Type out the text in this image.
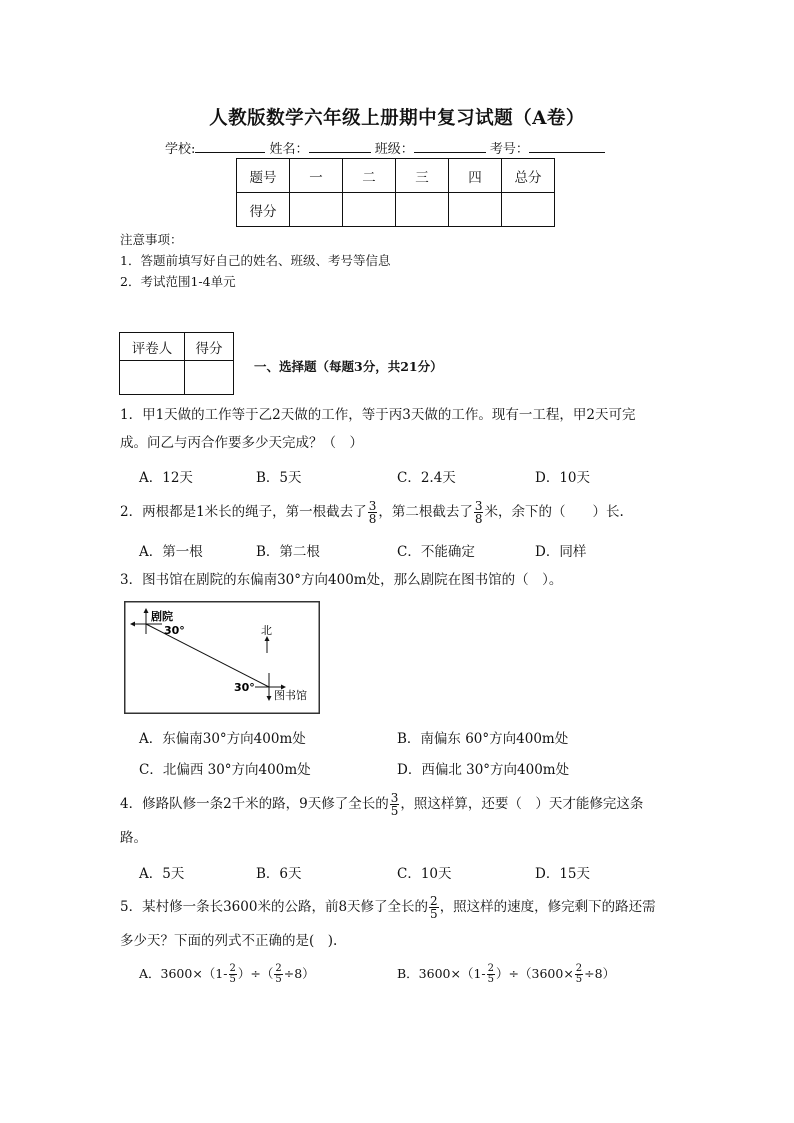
人教版数学六年级上册期中复习试题（A卷）
学校:	姓名：	班级：	考号：
题号	一	二	三	四	总分
得分					
注意事项：
1．答题前填写好自己的姓名、班级、考号等信息
2．考试范围1-4单元
评卷人	得分

一、选择题（每题3分，共21分）
1．甲1天做的工作等于乙2天做的工作，等于丙3天做的工作。现有一工程，甲2天可完
成。问乙与丙合作要多少天完成？（　）
A．12天	B．5天	C．2.4天	D．10天
2．两根都是1米长的绳子，第一根截去了 $\frac{3}{8}$ ，第二根截去了 $\frac{3}{8}$ 米，余下的（　　）长.
A．第一根	B．第二根	C．不能确定	D．同样
3．图书馆在剧院的东偏南30°方向400m处，那么剧院在图书馆的（　）。
剧院
30°	北
30°
图书馆
A．东偏南30°方向400m处	B．南偏东 60°方向400m处
C．北偏西 30°方向400m处	D．西偏北 30°方向400m处
4．修路队修一条2千米的路，9天修了全长的 $\frac{3}{5}$ ，照这样算，还要（　）天才能修完这条
路。
A．5天	B．6天	C．10天	D．15天
5．某村修一条长3600米的公路，前8天修了全长的 $\frac{2}{5}$ ，照这样的速度，修完剩下的路还需
多少天？下面的列式不正确的是(　).
A．$3600\times(1- \frac{2}{5}$ ）÷（ $\frac{2}{5} \div 8$）	B．$3600\times(1- \frac{2}{5} )\div(3600\times \frac{2}{5} \div 8)$
